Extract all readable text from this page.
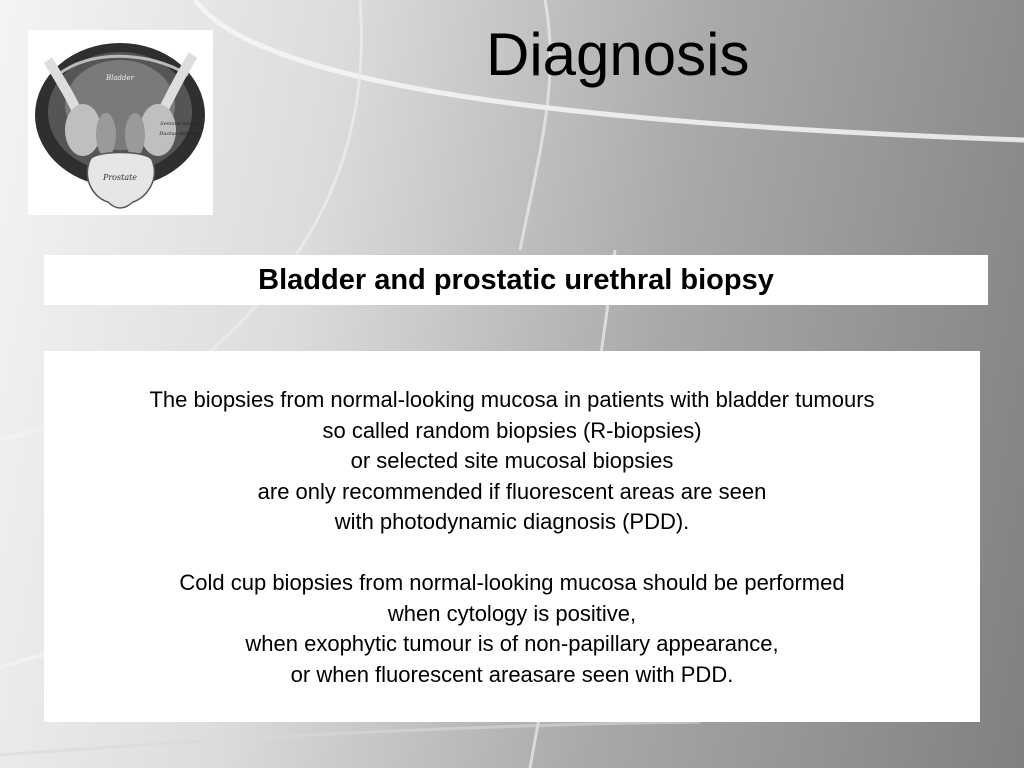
Diagnosis
Prostate
Bladder
Seminal vesicle
Ductus deferens
Bladder and prostatic urethral biopsy

The biopsies from normal-looking mucosa in patients with bladder tumours
so called random biopsies (R-biopsies)
or selected site mucosal biopsies
are only recommended if fluorescent areas are seen
with photodynamic diagnosis (PDD).

Cold cup biopsies from normal-looking mucosa should be performed
when cytology is positive,
when exophytic tumour is of non-papillary appearance,
or when fluorescent areasare seen with PDD.
